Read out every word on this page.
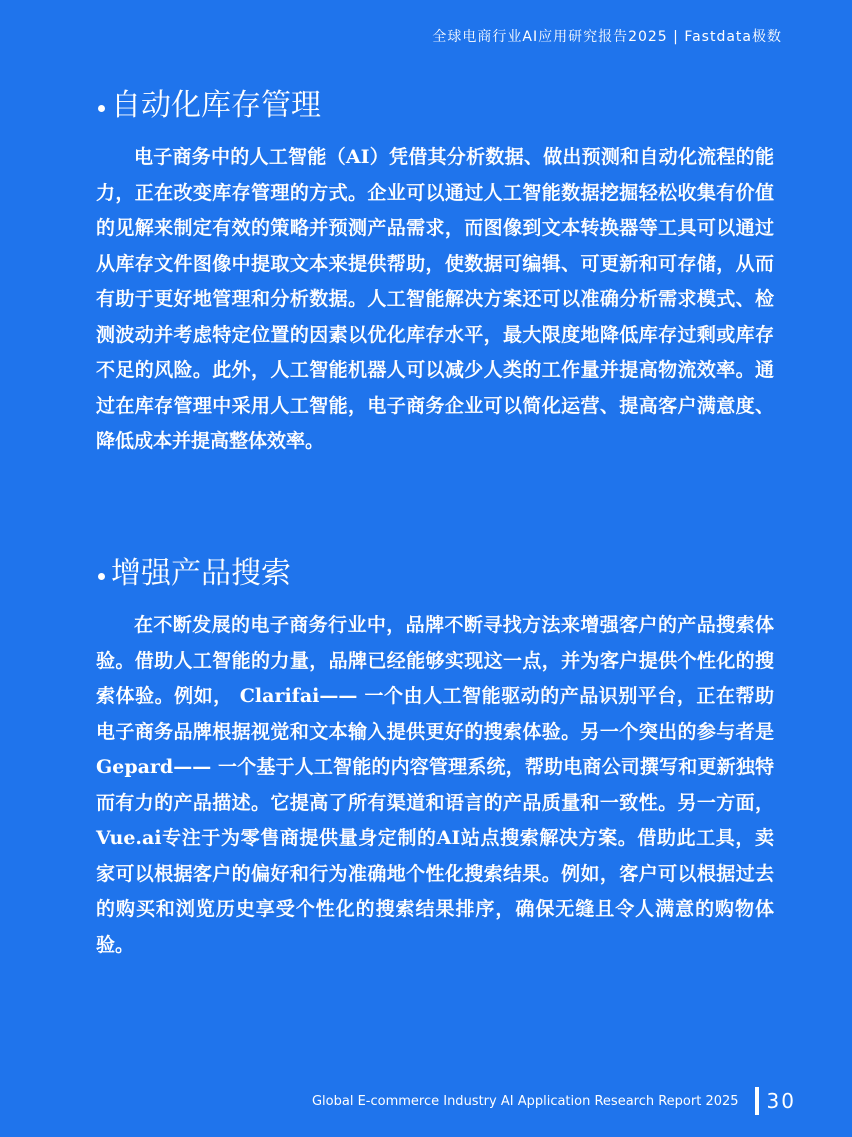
全球电商行业AI应用研究报告2025 | Fastdata极数
自动化库存管理

电子商务中的人工智能（AI）凭借其分析数据、做出预测和自动化流程的能力，正在改变库存管理的方式。企业可以通过人工智能数据挖掘轻松收集有价值的见解来制定有效的策略并预测产品需求，而图像到文本转换器等工具可以通过从库存文件图像中提取文本来提供帮助，使数据可编辑、可更新和可存储，从而有助于更好地管理和分析数据。人工智能解决方案还可以准确分析需求模式、检测波动并考虑特定位置的因素以优化库存水平，最大限度地降低库存过剩或库存不足的风险。此外，人工智能机器人可以减少人类的工作量并提高物流效率。通过在库存管理中采用人工智能，电子商务企业可以简化运营、提高客户满意度、降低成本并提高整体效率。

增强产品搜索

在不断发展的电子商务行业中，品牌不断寻找方法来增强客户的产品搜索体验。借助人工智能的力量，品牌已经能够实现这一点，并为客户提供个性化的搜索体验。例如， Clarifai—— 一个由人工智能驱动的产品识别平台，正在帮助电子商务品牌根据视觉和文本输入提供更好的搜索体验。另一个突出的参与者是Gepard—— 一个基于人工智能的内容管理系统，帮助电商公司撰写和更新独特而有力的产品描述。它提高了所有渠道和语言的产品质量和一致性。另一方面，Vue.ai专注于为零售商提供量身定制的AI站点搜索解决方案。借助此工具，卖家可以根据客户的偏好和行为准确地个性化搜索结果。例如，客户可以根据过去的购买和浏览历史享受个性化的搜索结果排序，确保无缝且令人满意的购物体验。

Global E-commerce Industry AI Application Research Report 2025 30
